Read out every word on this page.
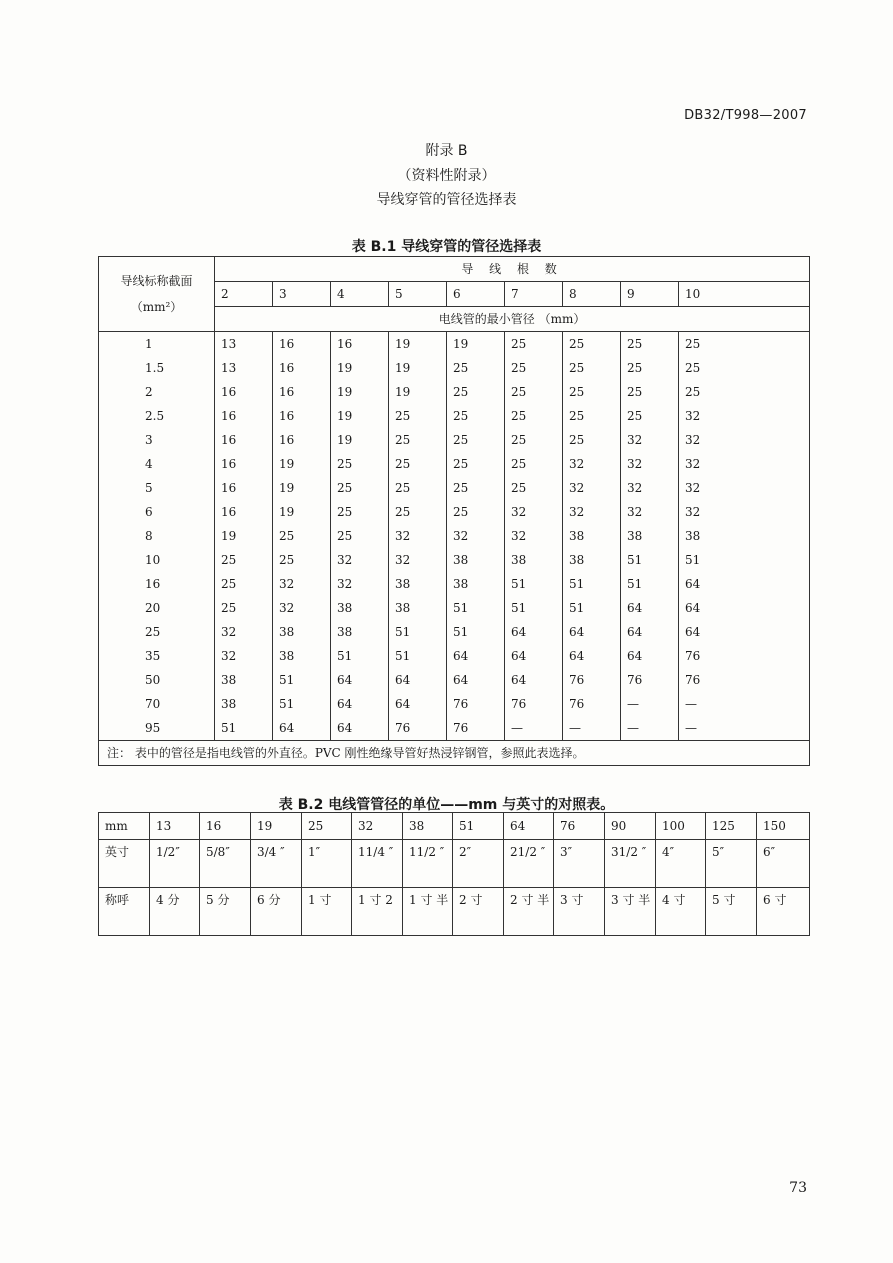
DB32/T998—2007
附录 B
（资料性附录）
导线穿管的管径选择表
表 B.1 导线穿管的管径选择表
导线标称截面
（mm²）	导 线 根 数								
	2	3	4	5	6	7	8	9	10
	电线管的最小管径 （mm）								
1	13	16	16	19	19	25	25	25	25
1.5	13	16	19	19	25	25	25	25	25
2	16	16	19	19	25	25	25	25	25
2.5	16	16	19	25	25	25	25	25	32
3	16	16	19	25	25	25	25	32	32
4	16	19	25	25	25	25	32	32	32
5	16	19	25	25	25	25	32	32	32
6	16	19	25	25	25	32	32	32	32
8	19	25	25	32	32	32	38	38	38
10	25	25	32	32	38	38	38	51	51
16	25	32	32	38	38	51	51	51	64
20	25	32	38	38	51	51	51	64	64
25	32	38	38	51	51	64	64	64	64
35	32	38	51	51	64	64	64	64	76
50	38	51	64	64	64	64	76	76	76
70	38	51	64	64	76	76	76	—	—
95	51	64	64	76	76	—	—	—	—
注： 表中的管径是指电线管的外直径。PVC 刚性绝缘导管好热浸锌钢管，参照此表选择。									
表 B.2 电线管管径的单位——mm 与英寸的对照表。
mm	13	16	19	25	32	38	51	64	76	90	100	125	150
英寸	1/2″	5/8″	3/4 ″	1″	11/4 ″	11/2 ″	2″	21/2 ″	3″	31/2 ″	4″	5″	6″
称呼	4 分	5 分	6 分	1 寸	1 寸 2	1 寸 半	2 寸	2 寸 半	3 寸	3 寸 半	4 寸	5 寸	6 寸
73
